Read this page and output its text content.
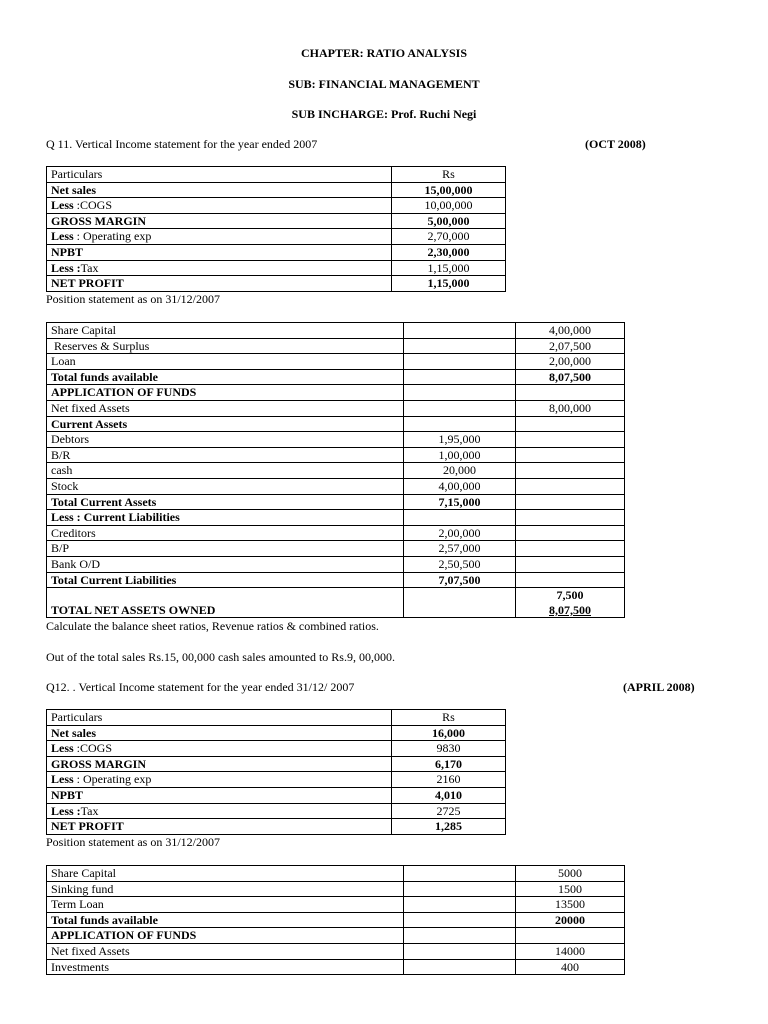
CHAPTER: RATIO ANALYSIS
SUB: FINANCIAL MANAGEMENT
SUB INCHARGE: Prof. Ruchi Negi
Q 11. Vertical Income statement for the year ended 2007	(OCT 2008)
Particulars	Rs
Net sales	15,00,000
Less :COGS	10,00,000
GROSS MARGIN	5,00,000
Less : Operating exp	2,70,000
NPBT	2,30,000
Less :Tax	1,15,000
NET PROFIT	1,15,000
Position statement as on 31/12/2007
Share Capital		4,00,000
Reserves & Surplus		2,07,500
Loan		2,00,000
Total funds available		8,07,500
APPLICATION OF FUNDS		
Net fixed Assets		8,00,000
Current Assets		
Debtors	1,95,000	
B/R	1,00,000	
cash	20,000	
Stock	4,00,000	
Total Current Assets	7,15,000	
Less : Current Liabilities		
Creditors	2,00,000	
B/P	2,57,000	
Bank O/D	2,50,500	
Total Current Liabilities	7,07,500	
		7,500
TOTAL NET ASSETS OWNED		8,07,500
Calculate the balance sheet ratios, Revenue ratios & combined ratios.
Out of the total sales Rs.15, 00,000 cash sales amounted to Rs.9, 00,000.
Q12. . Vertical Income statement for the year ended 31/12/ 2007	(APRIL 2008)
Particulars	Rs
Net sales	16,000
Less :COGS	9830
GROSS MARGIN	6,170
Less : Operating exp	2160
NPBT	4,010
Less :Tax	2725
NET PROFIT	1,285
Position statement as on 31/12/2007
Share Capital		5000
Sinking fund		1500
Term Loan		13500
Total funds available		20000
APPLICATION OF FUNDS		
Net fixed Assets		14000
Investments		400
